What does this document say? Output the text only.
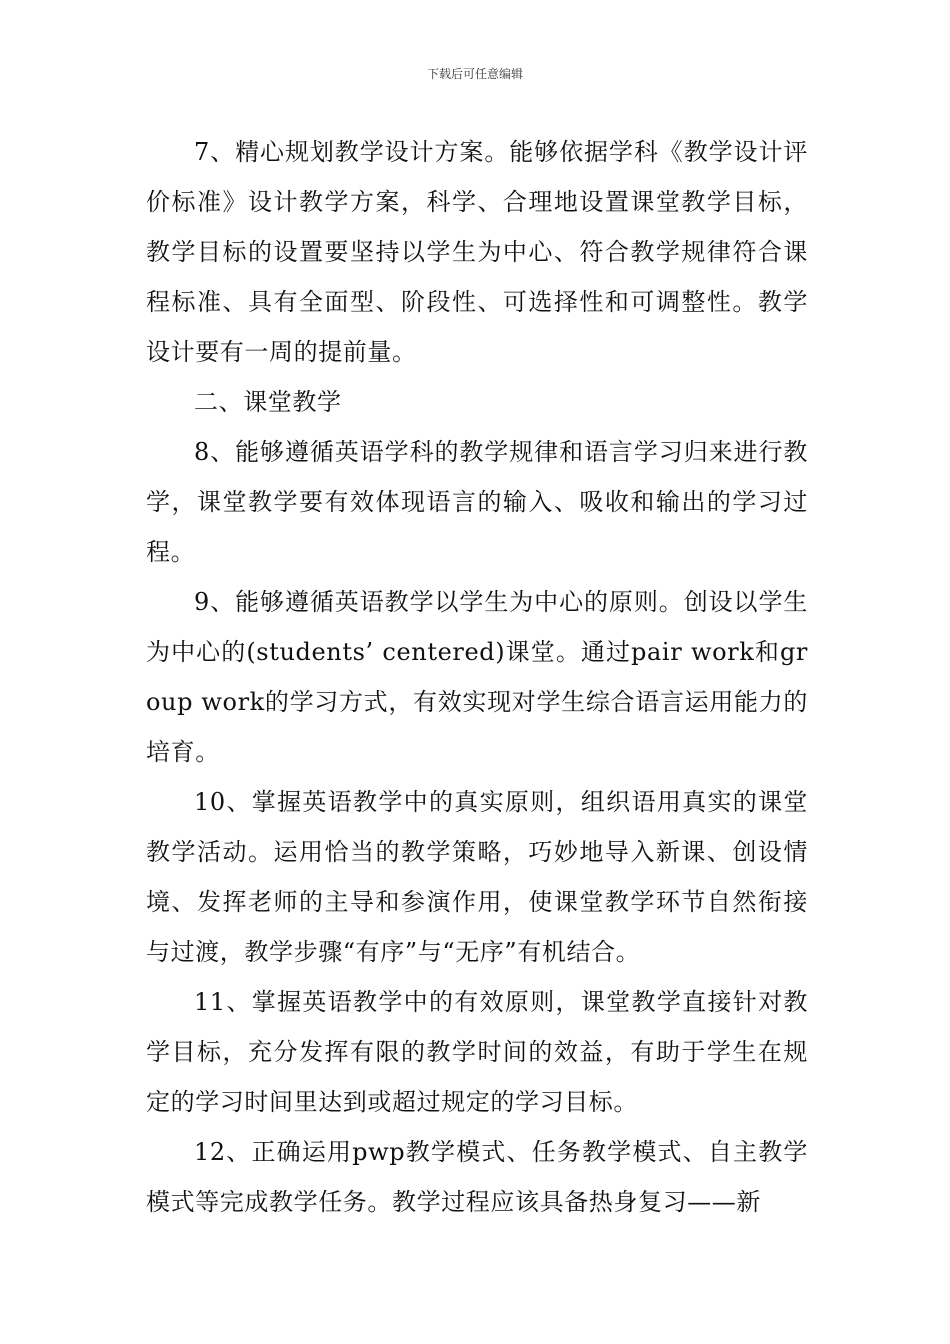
下载后可任意编辑

7、精心规划教学设计方案。能够依据学科《教学设计评价标准》设计教学方案，科学、合理地设置课堂教学目标，教学目标的设置要坚持以学生为中心、符合教学规律符合课程标准、具有全面型、阶段性、可选择性和可调整性。教学设计要有一周的提前量。

二、课堂教学

8、能够遵循英语学科的教学规律和语言学习归来进行教学，课堂教学要有效体现语言的输入、吸收和输出的学习过程。

9、能够遵循英语教学以学生为中心的原则。创设以学生为中心的(students’ centered)课堂。通过pair work和group work的学习方式，有效实现对学生综合语言运用能力的培育。

10、掌握英语教学中的真实原则，组织语用真实的课堂教学活动。运用恰当的教学策略，巧妙地导入新课、创设情境、发挥老师的主导和参演作用，使课堂教学环节自然衔接与过渡，教学步骤“有序”与“无序”有机结合。

11、掌握英语教学中的有效原则，课堂教学直接针对教学目标，充分发挥有限的教学时间的效益，有助于学生在规定的学习时间里达到或超过规定的学习目标。

12、正确运用pwp教学模式、任务教学模式、自主教学模式等完成教学任务。教学过程应该具备热身复习——新
